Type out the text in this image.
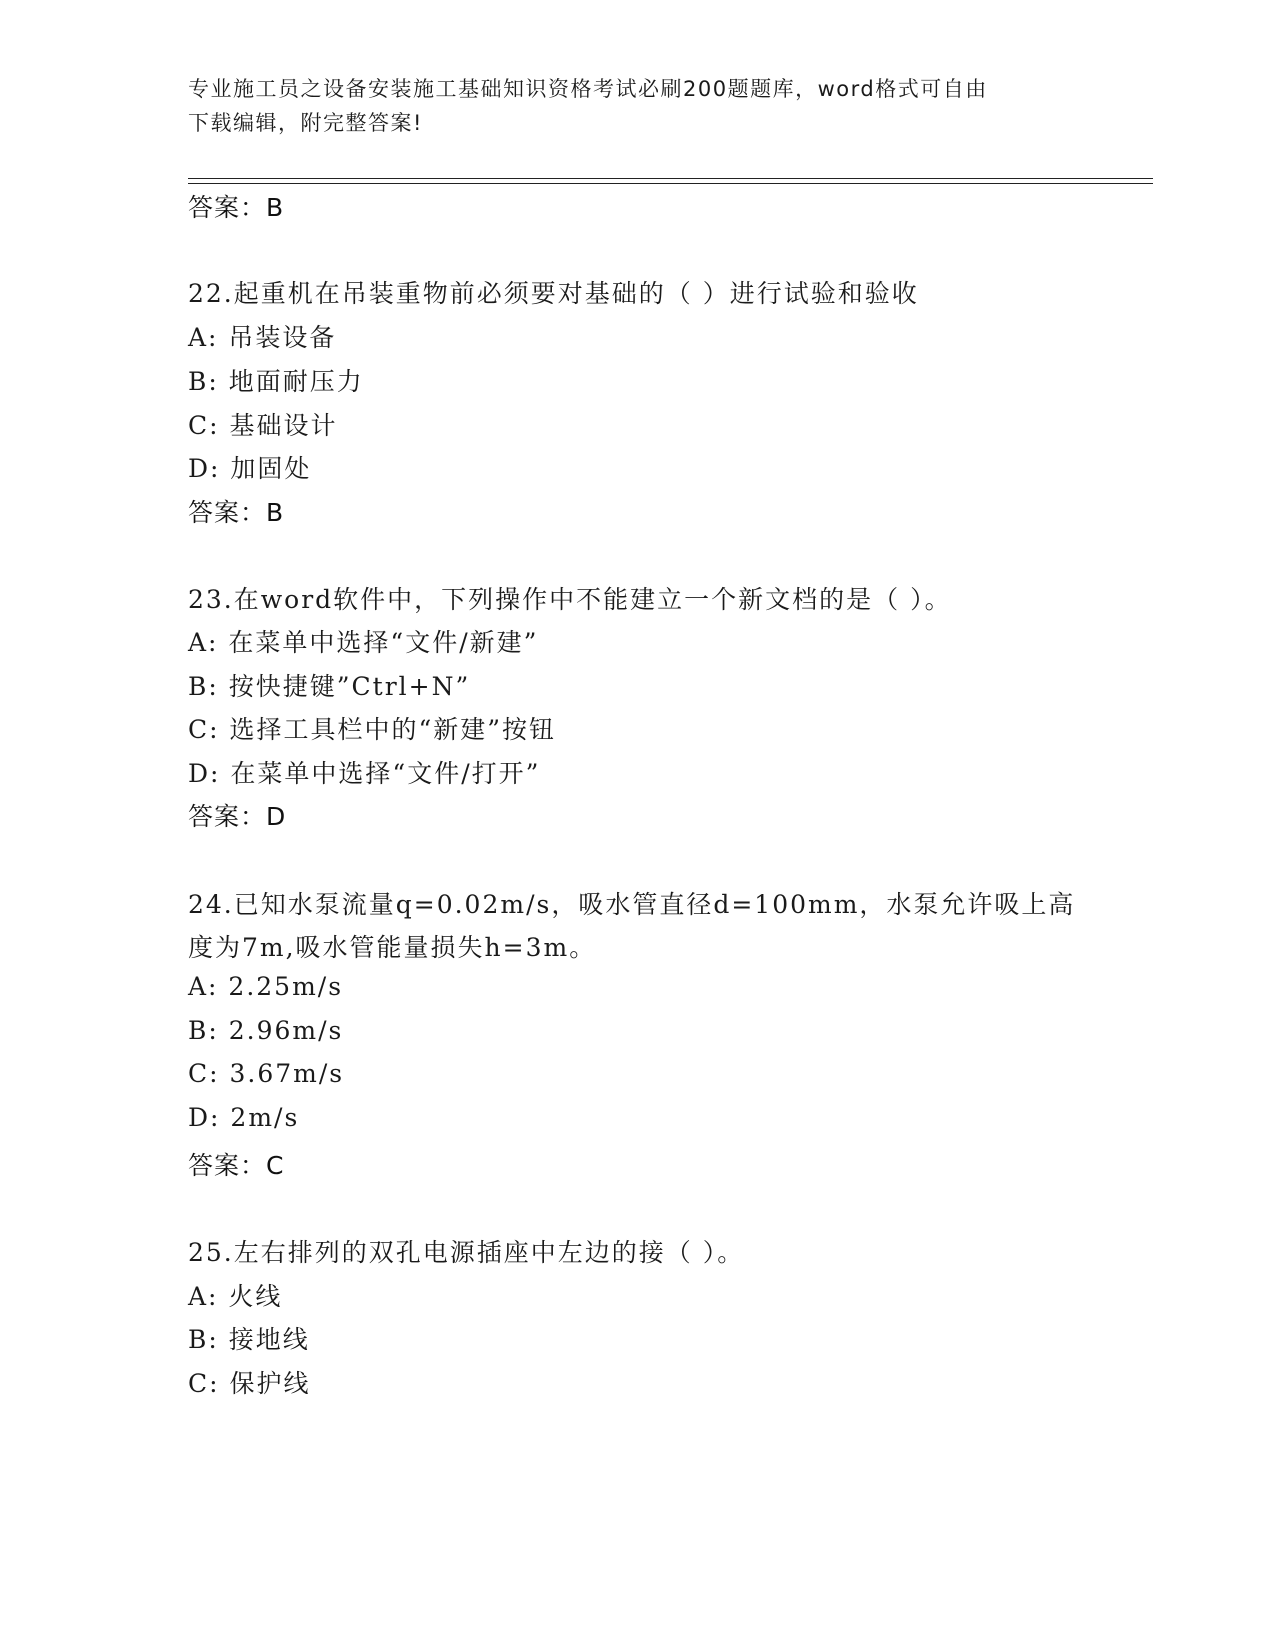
专业施工员之设备安装施工基础知识资格考试必刷200题题库，word格式可自由
下载编辑，附完整答案!
答案：B
22.起重机在吊装重物前必须要对基础的（ ）进行试验和验收
A: 吊装设备
B: 地面耐压力
C: 基础设计
D: 加固处
答案：B
23.在word软件中，下列操作中不能建立一个新文档的是（ ）。
A: 在菜单中选择“文件/新建”
B: 按快捷键”Ctrl+N”
C: 选择工具栏中的“新建”按钮
D: 在菜单中选择“文件/打开”
答案：D
24.已知水泵流量q=0.02m/s，吸水管直径d=100mm，水泵允许吸上高
度为7m,吸水管能量损失h=3m。
A: 2.25m/s
B: 2.96m/s
C: 3.67m/s
D: 2m/s
答案：C
25.左右排列的双孔电源插座中左边的接（ ）。
A: 火线
B: 接地线
C: 保护线
